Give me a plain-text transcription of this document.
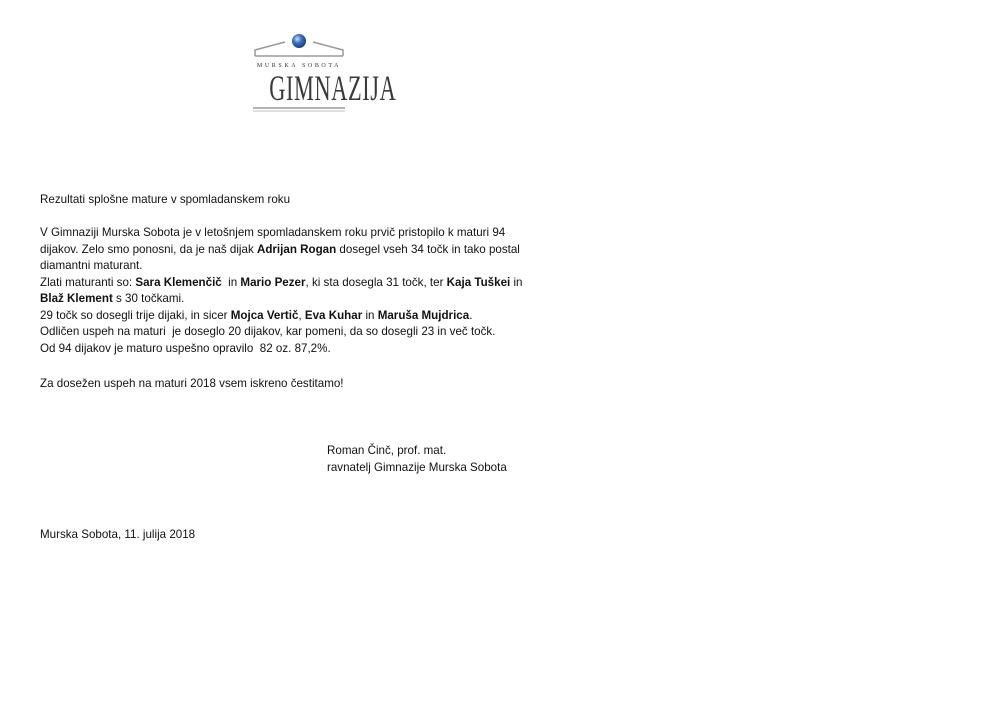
MURSKA SOBOTA
GIMNAZIJA
Rezultati splošne mature v spomladanskem roku
V Gimnaziji Murska Sobota je v letošnjem spomladanskem roku prvič pristopilo k maturi 94
dijakov. Zelo smo ponosni, da je naš dijak Adrijan Rogan dosegel vseh 34 točk in tako postal
diamantni maturant.
Zlati maturanti so: Sara Klemenčič  in Mario Pezer, ki sta dosegla 31 točk, ter Kaja Tuškei in
Blaž Klement s 30 točkami.
29 točk so dosegli trije dijaki, in sicer Mojca Vertič, Eva Kuhar in Maruša Mujdrica.
Odličen uspeh na maturi  je doseglo 20 dijakov, kar pomeni, da so dosegli 23 in več točk.
Od 94 dijakov je maturo uspešno opravilo  82 oz. 87,2%.
Za dosežen uspeh na maturi 2018 vsem iskreno čestitamo!
Roman Činč, prof. mat.
ravnatelj Gimnazije Murska Sobota
Murska Sobota, 11. julija 2018
